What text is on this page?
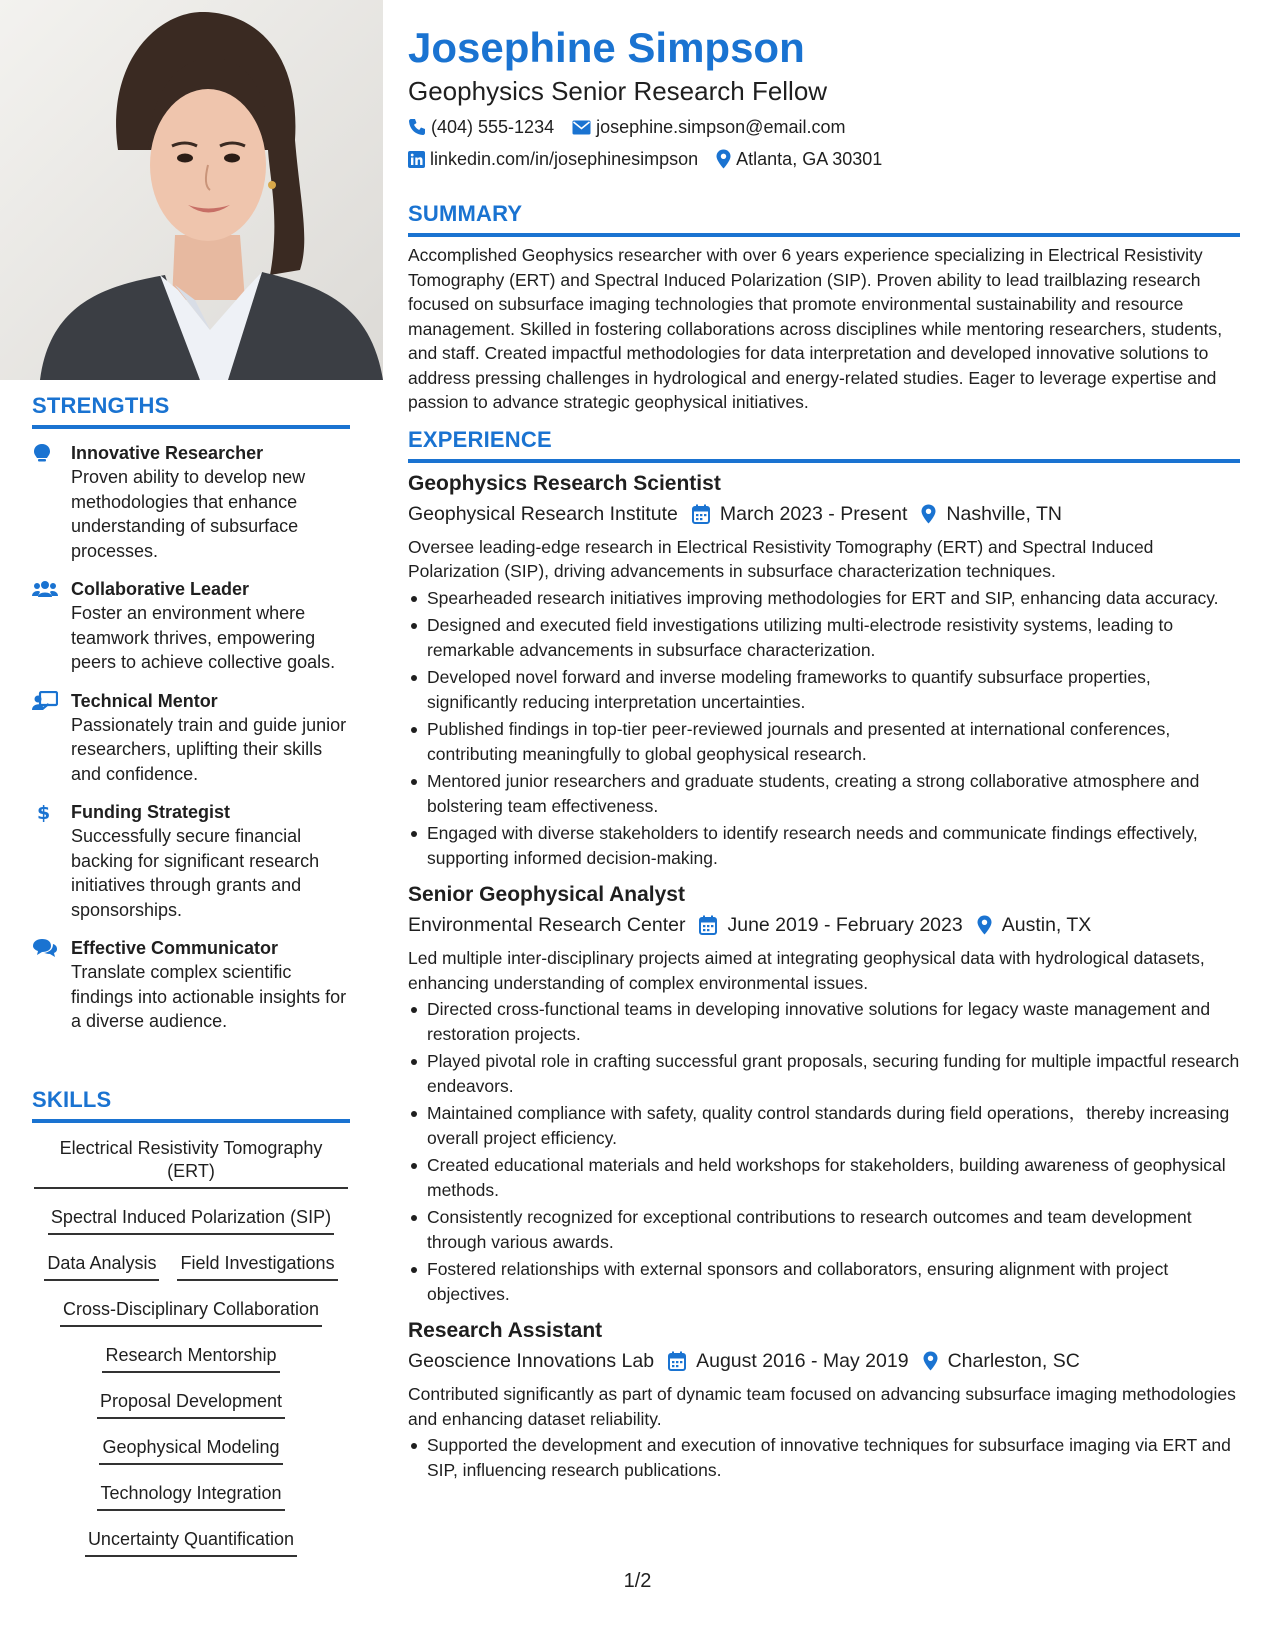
STRENGTHS
Innovative Researcher
Proven ability to develop new methodologies that enhance understanding of subsurface processes.
Collaborative Leader
Foster an environment where teamwork thrives, empowering peers to achieve collective goals.
Technical Mentor
Passionately train and guide junior researchers, uplifting their skills and confidence.
$ Funding Strategist
Successfully secure financial backing for significant research initiatives through grants and sponsorships.
Effective Communicator
Translate complex scientific findings into actionable insights for a diverse audience.
SKILLS
Electrical Resistivity Tomography (ERT)
Spectral Induced Polarization (SIP)
Data Analysis Field Investigations
Cross-Disciplinary Collaboration
Research Mentorship
Proposal Development
Geophysical Modeling
Technology Integration
Uncertainty Quantification
Josephine Simpson
Geophysics Senior Research Fellow
(404) 555-1234 josephine.simpson@email.com
linkedin.com/in/josephinesimpson Atlanta, GA 30301
SUMMARY
Accomplished Geophysics researcher with over 6 years experience specializing in Electrical Resistivity Tomography (ERT) and Spectral Induced Polarization (SIP). Proven ability to lead trailblazing research focused on subsurface imaging technologies that promote environmental sustainability and resource management. Skilled in fostering collaborations across disciplines while mentoring researchers, students, and staff. Created impactful methodologies for data interpretation and developed innovative solutions to address pressing challenges in hydrological and energy-related studies. Eager to leverage expertise and passion to advance strategic geophysical initiatives.
EXPERIENCE
Geophysics Research Scientist
Geophysical Research Institute March 2023 - Present Nashville, TN
Oversee leading-edge research in Electrical Resistivity Tomography (ERT) and Spectral Induced Polarization (SIP), driving advancements in subsurface characterization techniques.
Spearheaded research initiatives improving methodologies for ERT and SIP, enhancing data accuracy.
Designed and executed field investigations utilizing multi-electrode resistivity systems, leading to remarkable advancements in subsurface characterization.
Developed novel forward and inverse modeling frameworks to quantify subsurface properties, significantly reducing interpretation uncertainties.
Published findings in top-tier peer-reviewed journals and presented at international conferences, contributing meaningfully to global geophysical research.
Mentored junior researchers and graduate students, creating a strong collaborative atmosphere and bolstering team effectiveness.
Engaged with diverse stakeholders to identify research needs and communicate findings effectively, supporting informed decision-making.
Senior Geophysical Analyst
Environmental Research Center June 2019 - February 2023 Austin, TX
Led multiple inter-disciplinary projects aimed at integrating geophysical data with hydrological datasets, enhancing understanding of complex environmental issues.
Directed cross-functional teams in developing innovative solutions for legacy waste management and restoration projects.
Played pivotal role in crafting successful grant proposals, securing funding for multiple impactful research endeavors.
Maintained compliance with safety, quality control standards during field operations，thereby increasing overall project efficiency.
Created educational materials and held workshops for stakeholders, building awareness of geophysical methods.
Consistently recognized for exceptional contributions to research outcomes and team development through various awards.
Fostered relationships with external sponsors and collaborators, ensuring alignment with project objectives.
Research Assistant
Geoscience Innovations Lab August 2016 - May 2019 Charleston, SC
Contributed significantly as part of dynamic team focused on advancing subsurface imaging methodologies and enhancing dataset reliability.
Supported the development and execution of innovative techniques for subsurface imaging via ERT and SIP, influencing research publications.
1/2
